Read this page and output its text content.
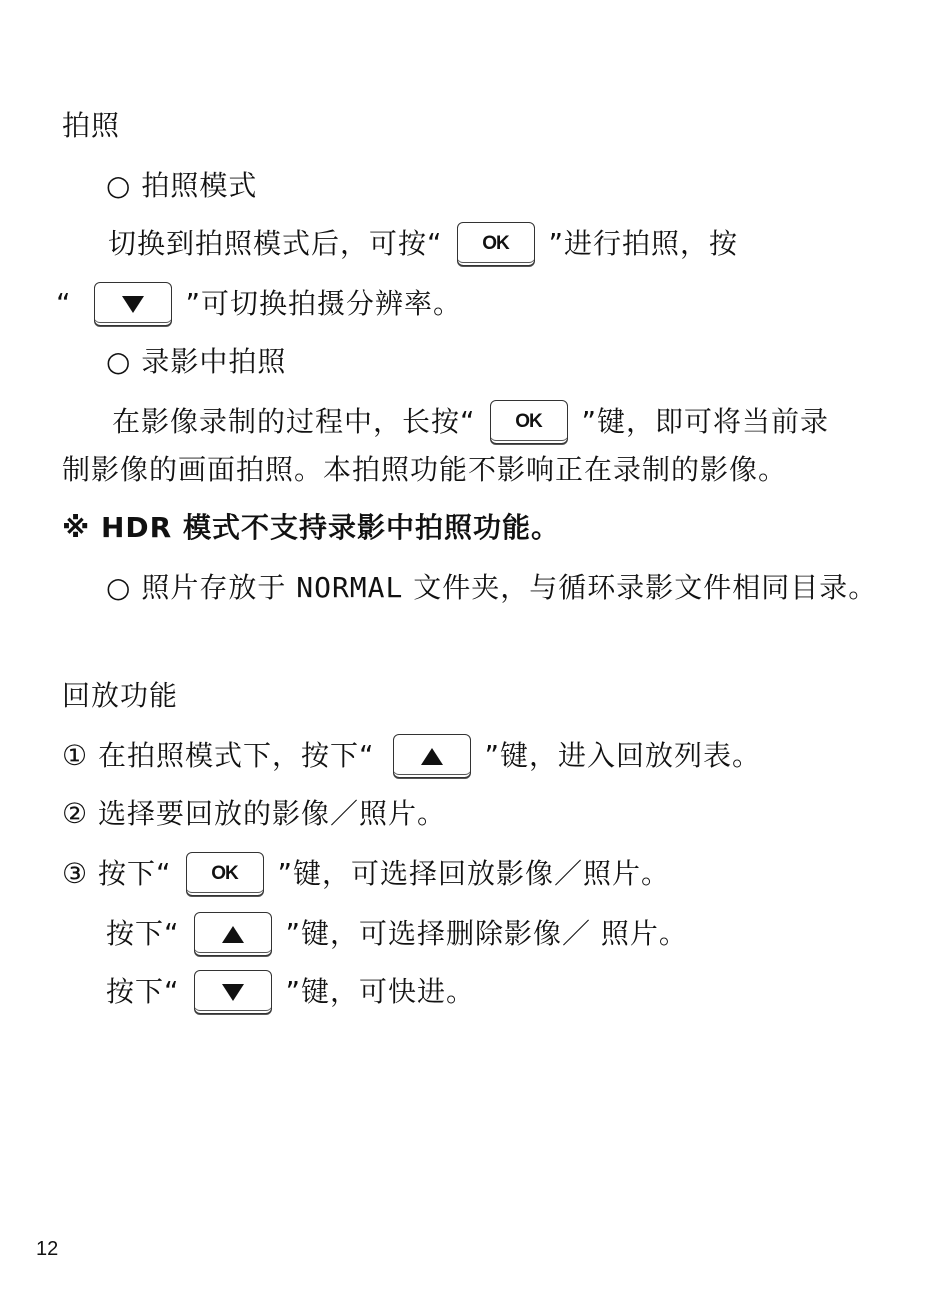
拍照
○ 拍照模式
切换到拍照模式后，可按“ OK ”进行拍照，按
“	”可切换拍摄分辨率。
○ 录影中拍照
在影像录制的过程中，长按“ OK ”键，即可将当前录
制影像的画面拍照。本拍照功能不影响正在录制的影像。
※ HDR 模式不支持录影中拍照功能。
○ 照片存放于 NORMAL 文件夹，与循环录影文件相同目录。
回放功能
① 在拍照模式下，按下“	”键，进入回放列表。
② 选择要回放的影像／照片。
③ 按下“ OK ”键，可选择回放影像／照片。
按下“	”键，可选择删除影像／ 照片。
按下“	”键，可快进。
12
